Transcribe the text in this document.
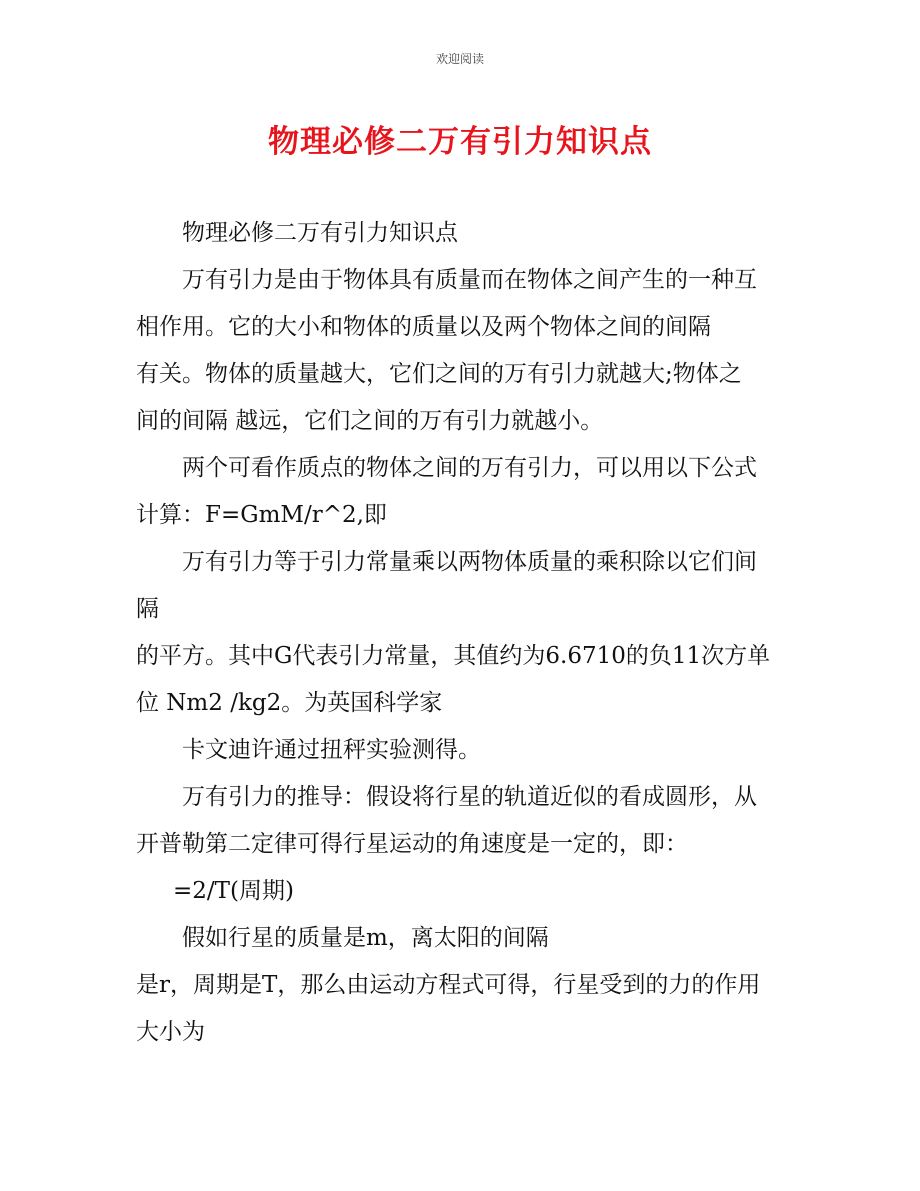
欢迎阅读
物理必修二万有引力知识点
物理必修二万有引力知识点
万有引力是由于物体具有质量而在物体之间产生的一种互
相作用。它的大小和物体的质量以及两个物体之间的间隔
有关。物体的质量越大，它们之间的万有引力就越大;物体之
间的间隔 越远，它们之间的万有引力就越小。
两个可看作质点的物体之间的万有引力，可以用以下公式
计算：F=GmM/r^2,即
万有引力等于引力常量乘以两物体质量的乘积除以它们间
隔
的平方。其中G代表引力常量，其值约为6.6710的负11次方单
位 Nm2 /kg2。为英国科学家
卡文迪许通过扭秤实验测得。
万有引力的推导：假设将行星的轨道近似的看成圆形，从
开普勒第二定律可得行星运动的角速度是一定的，即：
=2/T(周期)
假如行星的质量是m，离太阳的间隔
是r，周期是T，那么由运动方程式可得，行星受到的力的作用
大小为
